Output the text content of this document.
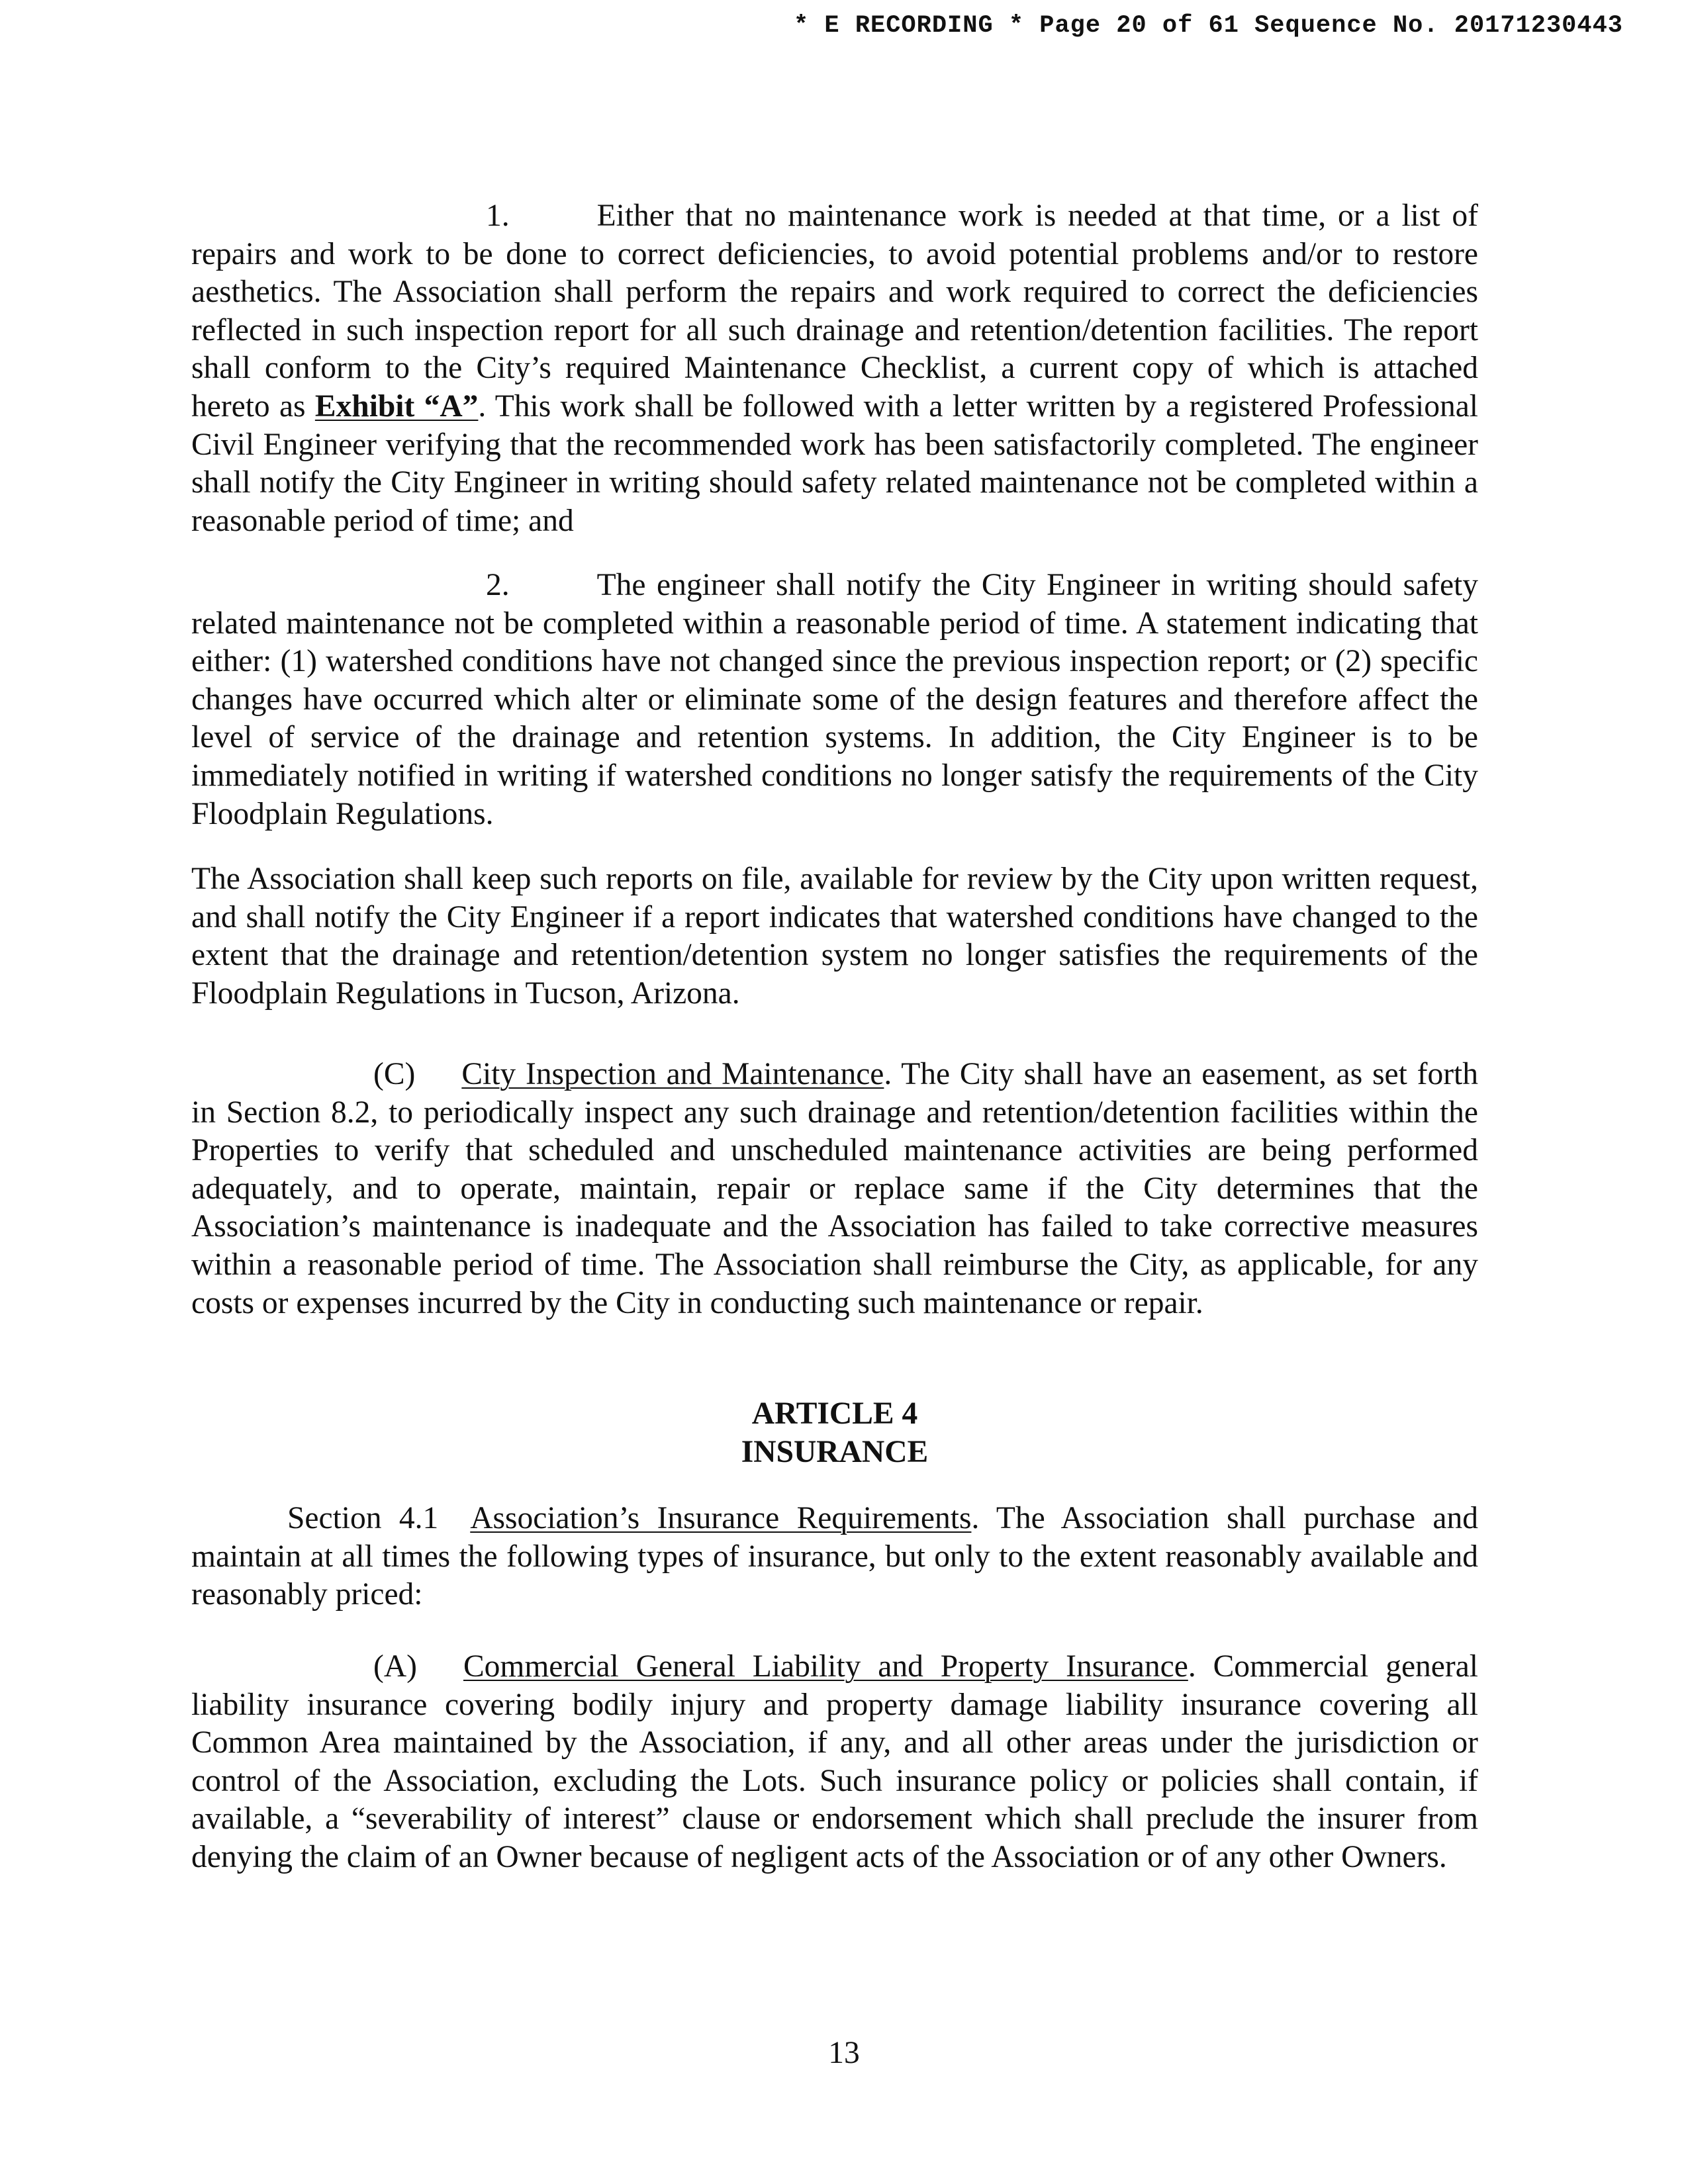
* E RECORDING * Page 20 of 61 Sequence No. 20171230443

1.	Either that no maintenance work is needed at that time, or a list of repairs and work to be done to correct deficiencies, to avoid potential problems and/or to restore aesthetics. The Association shall perform the repairs and work required to correct the deficiencies reflected in such inspection report for all such drainage and retention/detention facilities. The report shall conform to the City’s required Maintenance Checklist, a current copy of which is attached hereto as Exhibit “A”. This work shall be followed with a letter written by a registered Professional Civil Engineer verifying that the recommended work has been satisfactorily completed. The engineer shall notify the City Engineer in writing should safety related maintenance not be completed within a reasonable period of time; and

2.	The engineer shall notify the City Engineer in writing should safety related maintenance not be completed within a reasonable period of time. A statement indicating that either: (1) watershed conditions have not changed since the previous inspection report; or (2) specific changes have occurred which alter or eliminate some of the design features and therefore affect the level of service of the drainage and retention systems. In addition, the City Engineer is to be immediately notified in writing if watershed conditions no longer satisfy the requirements of the City Floodplain Regulations.

The Association shall keep such reports on file, available for review by the City upon written request, and shall notify the City Engineer if a report indicates that watershed conditions have changed to the extent that the drainage and retention/detention system no longer satisfies the requirements of the Floodplain Regulations in Tucson, Arizona.

(C) City Inspection and Maintenance. The City shall have an easement, as set forth in Section 8.2, to periodically inspect any such drainage and retention/detention facilities within the Properties to verify that scheduled and unscheduled maintenance activities are being performed adequately, and to operate, maintain, repair or replace same if the City determines that the Association’s maintenance is inadequate and the Association has failed to take corrective measures within a reasonable period of time. The Association shall reimburse the City, as applicable, for any costs or expenses incurred by the City in conducting such maintenance or repair.

ARTICLE 4
INSURANCE

Section 4.1 Association’s Insurance Requirements. The Association shall purchase and maintain at all times the following types of insurance, but only to the extent reasonably available and reasonably priced:

(A) Commercial General Liability and Property Insurance. Commercial general liability insurance covering bodily injury and property damage liability insurance covering all Common Area maintained by the Association, if any, and all other areas under the jurisdiction or control of the Association, excluding the Lots. Such insurance policy or policies shall contain, if available, a “severability of interest” clause or endorsement which shall preclude the insurer from denying the claim of an Owner because of negligent acts of the Association or of any other Owners.

13
